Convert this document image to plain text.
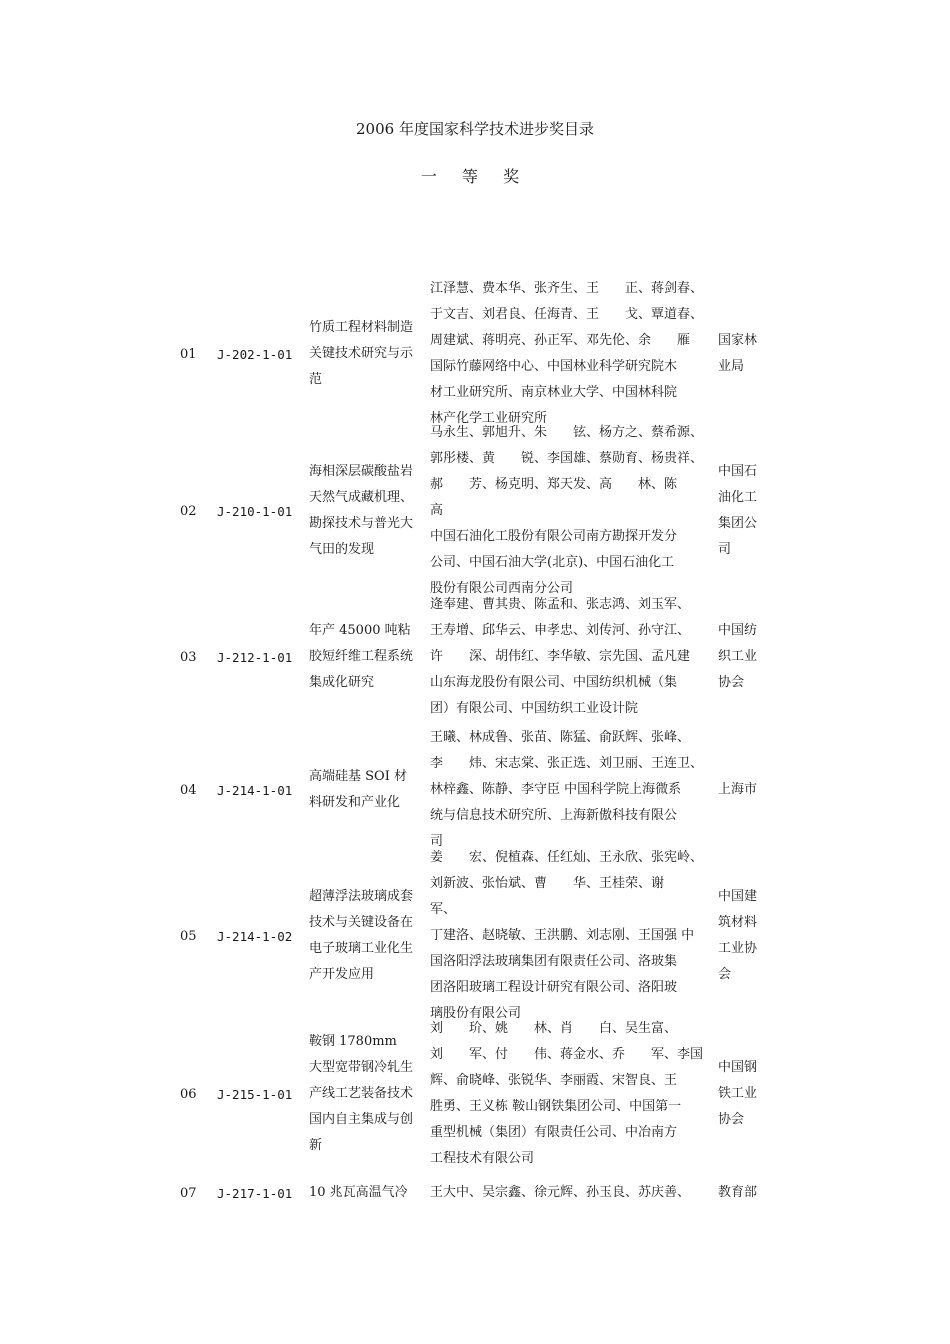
2006 年度国家科学技术进步奖目录
一 等 奖
01 J-202-1-01
竹质工程材料制造关键技术研究与示范
江泽慧、费本华、张齐生、王　　正、蒋剑春、
于文吉、刘君良、任海青、王　　戈、覃道春、
周建斌、蒋明亮、孙正军、邓先伦、余　　雁
国际竹藤网络中心、中国林业科学研究院木
材工业研究所、南京林业大学、中国林科院
林产化学工业研究所
国家林业局
02 J-210-1-01
海相深层碳酸盐岩天然气成藏机理、勘探技术与普光大气田的发现
马永生、郭旭升、朱　　铉、杨方之、蔡希源、
郭彤楼、黄　　锐、李国雄、蔡勋育、杨贵祥、
郝　　芳、杨克明、郑天发、高　　林、陈　　高
中国石油化工股份有限公司南方勘探开发分
公司、中国石油大学(北京)、中国石油化工
股份有限公司西南分公司
中国石油化工集团公司
03 J-212-1-01
年产 45000 吨粘胶短纤维工程系统集成化研究
逄奉建、曹其贵、陈孟和、张志鸿、刘玉军、
王寿增、邱华云、申孝忠、刘传河、孙守江、
许　　深、胡伟红、李华敏、宗先国、孟凡建
山东海龙股份有限公司、中国纺织机械（集
团）有限公司、中国纺织工业设计院
中国纺织工业协会
04 J-214-1-01
高端硅基 SOI 材料研发和产业化
王曦、林成鲁、张苗、陈猛、俞跃辉、张峰、
李　　炜、宋志棠、张正选、刘卫丽、王连卫、
林梓鑫、陈静、李守臣 中国科学院上海微系
统与信息技术研究所、上海新傲科技有限公
司
上海市
05 J-214-1-02
超薄浮法玻璃成套技术与关键设备在电子玻璃工业化生产开发应用
姜　　宏、倪植森、任红灿、王永欣、张宪岭、
刘新波、张怡斌、曹　　华、王桂荣、谢　　军、
丁建洛、赵晓敏、王洪鹏、刘志刚、王国强 中
国洛阳浮法玻璃集团有限责任公司、洛玻集
团洛阳玻璃工程设计研究有限公司、洛阳玻
璃股份有限公司
中国建筑材料工业协会
06 J-215-1-01
鞍钢 1780mm 大型宽带钢冷轧生产线工艺装备技术国内自主集成与创新
刘　　玠、姚　　林、肖　　白、吴生富、
刘　　军、付　　伟、蒋金水、乔　　军、李国
辉、俞晓峰、张锐华、李丽霞、宋智良、王
胜勇、王义栋 鞍山钢铁集团公司、中国第一
重型机械（集团）有限责任公司、中冶南方
工程技术有限公司
中国钢铁工业协会
07 J-217-1-01 10 兆瓦高温气冷 王大中、吴宗鑫、徐元辉、孙玉良、苏庆善、 教育部
